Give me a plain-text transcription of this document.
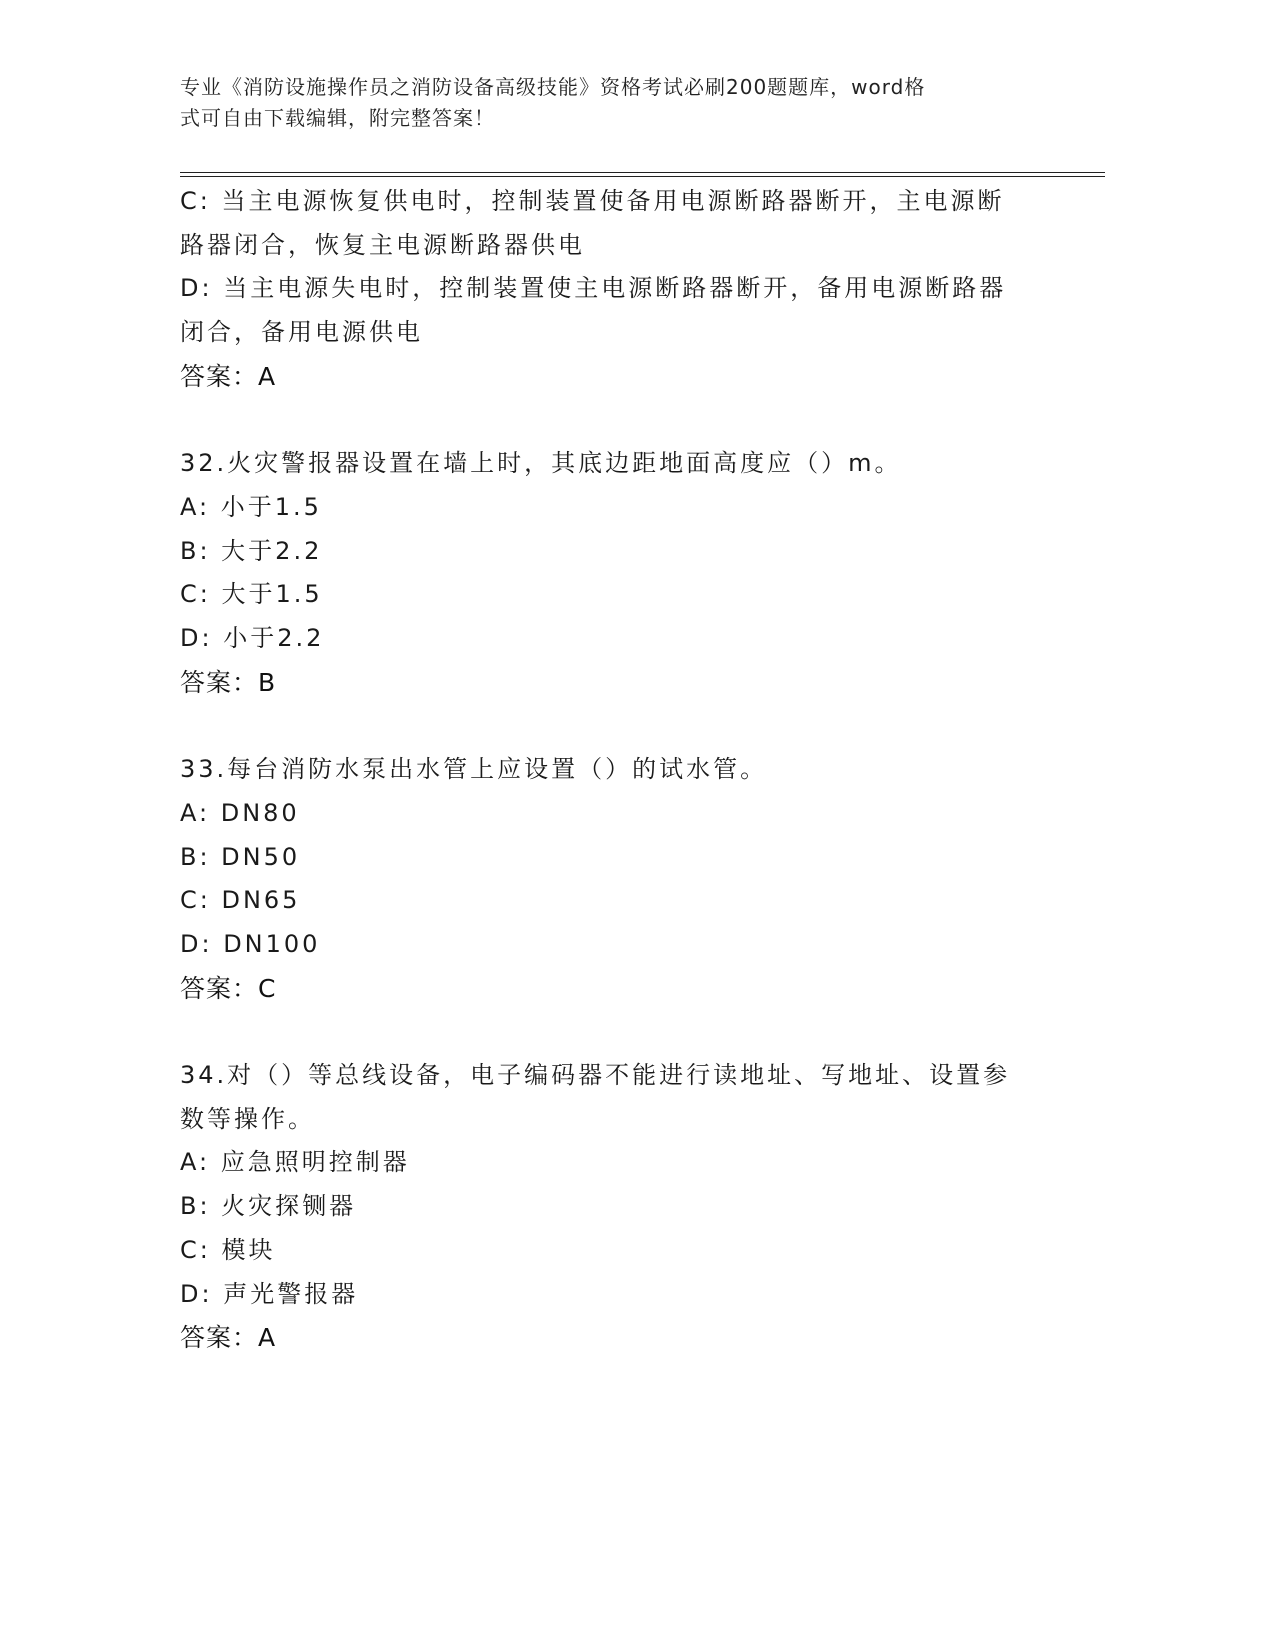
专业《消防设施操作员之消防设备高级技能》资格考试必刷200题题库，word格
式可自由下载编辑，附完整答案！
C: 当主电源恢复供电时，控制装置使备用电源断路器断开，主电源断
路器闭合，恢复主电源断路器供电
D: 当主电源失电时，控制装置使主电源断路器断开，备用电源断路器
闭合，备用电源供电
答案：A
32.火灾警报器设置在墙上时，其底边距地面高度应（）m。
A: 小于1.5
B: 大于2.2
C: 大于1.5
D: 小于2.2
答案：B
33.每台消防水泵出水管上应设置（）的试水管。
A: DN80
B: DN50
C: DN65
D: DN100
答案：C
34.对（）等总线设备，电子编码器不能进行读地址、写地址、设置参
数等操作。
A: 应急照明控制器
B: 火灾探铡器
C: 模块
D: 声光警报器
答案：A
